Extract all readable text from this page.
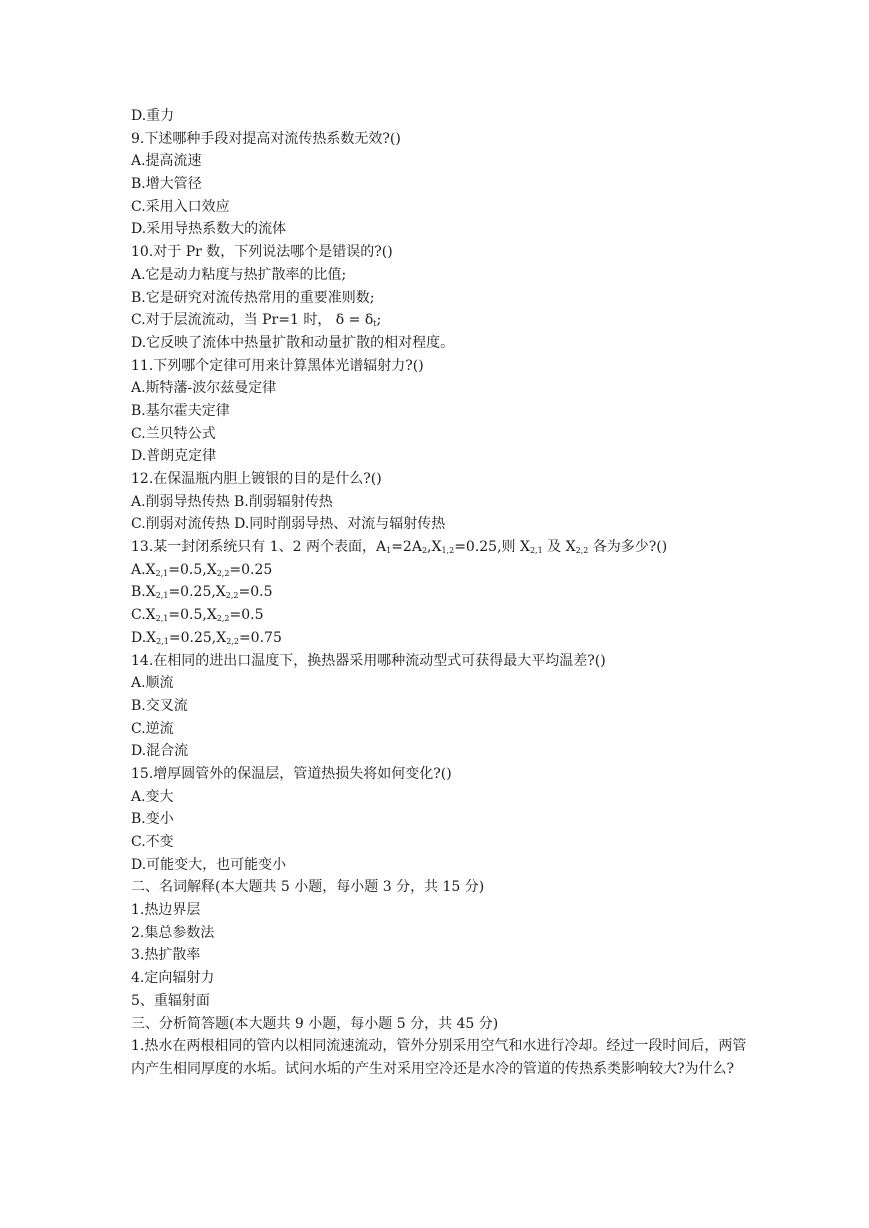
D.重力
9.下述哪种手段对提高对流传热系数无效?()
A.提高流速
B.增大管径
C.采用入口效应
D.采用导热系数大的流体
10.对于 Pr 数，下列说法哪个是错误的?()
A.它是动力粘度与热扩散率的比值;
B.它是研究对流传热常用的重要准则数;
C.对于层流流动，当 Pr=1 时， $\delta = \delta_t$;
D.它反映了流体中热量扩散和动量扩散的相对程度。
11.下列哪个定律可用来计算黑体光谱辐射力?()
A.斯特藩-波尔兹曼定律
B.基尔霍夫定律
C.兰贝特公式
D.普朗克定律
12.在保温瓶内胆上镀银的目的是什么?()
A.削弱导热传热 B.削弱辐射传热
C.削弱对流传热 D.同时削弱导热、对流与辐射传热
13.某一封闭系统只有 1、2 两个表面，$A_1=2A_2,X_{1,2}=0.25$,则 $X_{2,1}$ 及 $X_{2,2}$ 各为多少?()
$A.X_{2,1}=0.5,X_{2,2}=0.25$
$B.X_{2,1}=0.25,X_{2,2}=0.5$
$C.X_{2,1}=0.5,X_{2,2}=0.5$
$D.X_{2,1}=0.25,X_{2,2}=0.75$
14.在相同的进出口温度下，换热器采用哪种流动型式可获得最大平均温差?()
A.顺流
B.交叉流
C.逆流
D.混合流
15.增厚圆管外的保温层，管道热损失将如何变化?()
A.变大
B.变小
C.不变
D.可能变大，也可能变小
二、名词解释(本大题共 5 小题，每小题 3 分，共 15 分)
1.热边界层
2.集总参数法
3.热扩散率
4.定向辐射力
5、重辐射面
三、分析简答题(本大题共 9 小题，每小题 5 分，共 45 分)
1.热水在两根相同的管内以相同流速流动，管外分别采用空气和水进行冷却。经过一段时间后，两管内产生相同厚度的水垢。试问水垢的产生对采用空冷还是水冷的管道的传热系类影响较大?为什么?
